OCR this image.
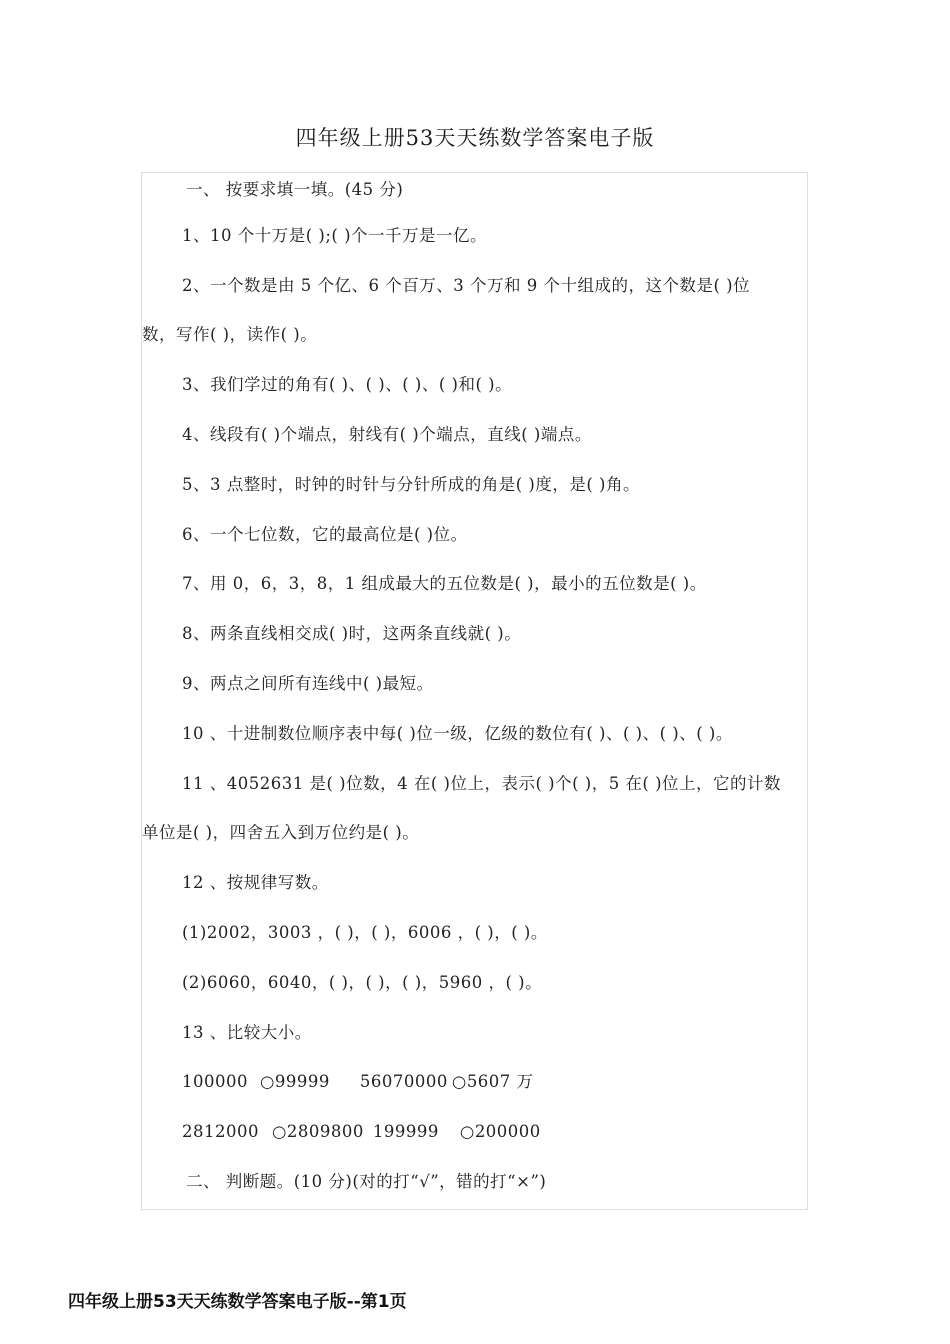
四年级上册53天天练数学答案电子版
一、 按要求填一填。(45 分)
1、10 个十万是( );( )个一千万是一亿。
2、一个数是由 5 个亿、6 个百万、3 个万和 9 个十组成的，这个数是( )位
数，写作( )，读作( )。
3、我们学过的角有( )、( )、( )、( )和( )。
4、线段有( )个端点，射线有( )个端点，直线( )端点。
5、3 点整时，时钟的时针与分针所成的角是( )度，是( )角。
6、一个七位数，它的最高位是( )位。
7、用 0，6，3，8，1 组成最大的五位数是( )，最小的五位数是( )。
8、两条直线相交成( )时，这两条直线就( )。
9、两点之间所有连线中( )最短。
10 、十进制数位顺序表中每( )位一级，亿级的数位有( )、( )、( )、( )。
11 、4052631 是( )位数，4 在( )位上，表示( )个( )，5 在( )位上，它的计数
单位是( )，四舍五入到万位约是( )。
12 、按规律写数。
(1)2002，3003 ，( )，( )，6006 ，( )，( )。
(2)6060，6040，( )，( )，( )，5960 ，( )。
13 、比较大小。
100000 ○99999 56070000 ○5607 万
2812000 ○2809800 199999 ○200000
二、 判断题。(10 分)(对的打“√”，错的打“×”)
四年级上册53天天练数学答案电子版--第1页
